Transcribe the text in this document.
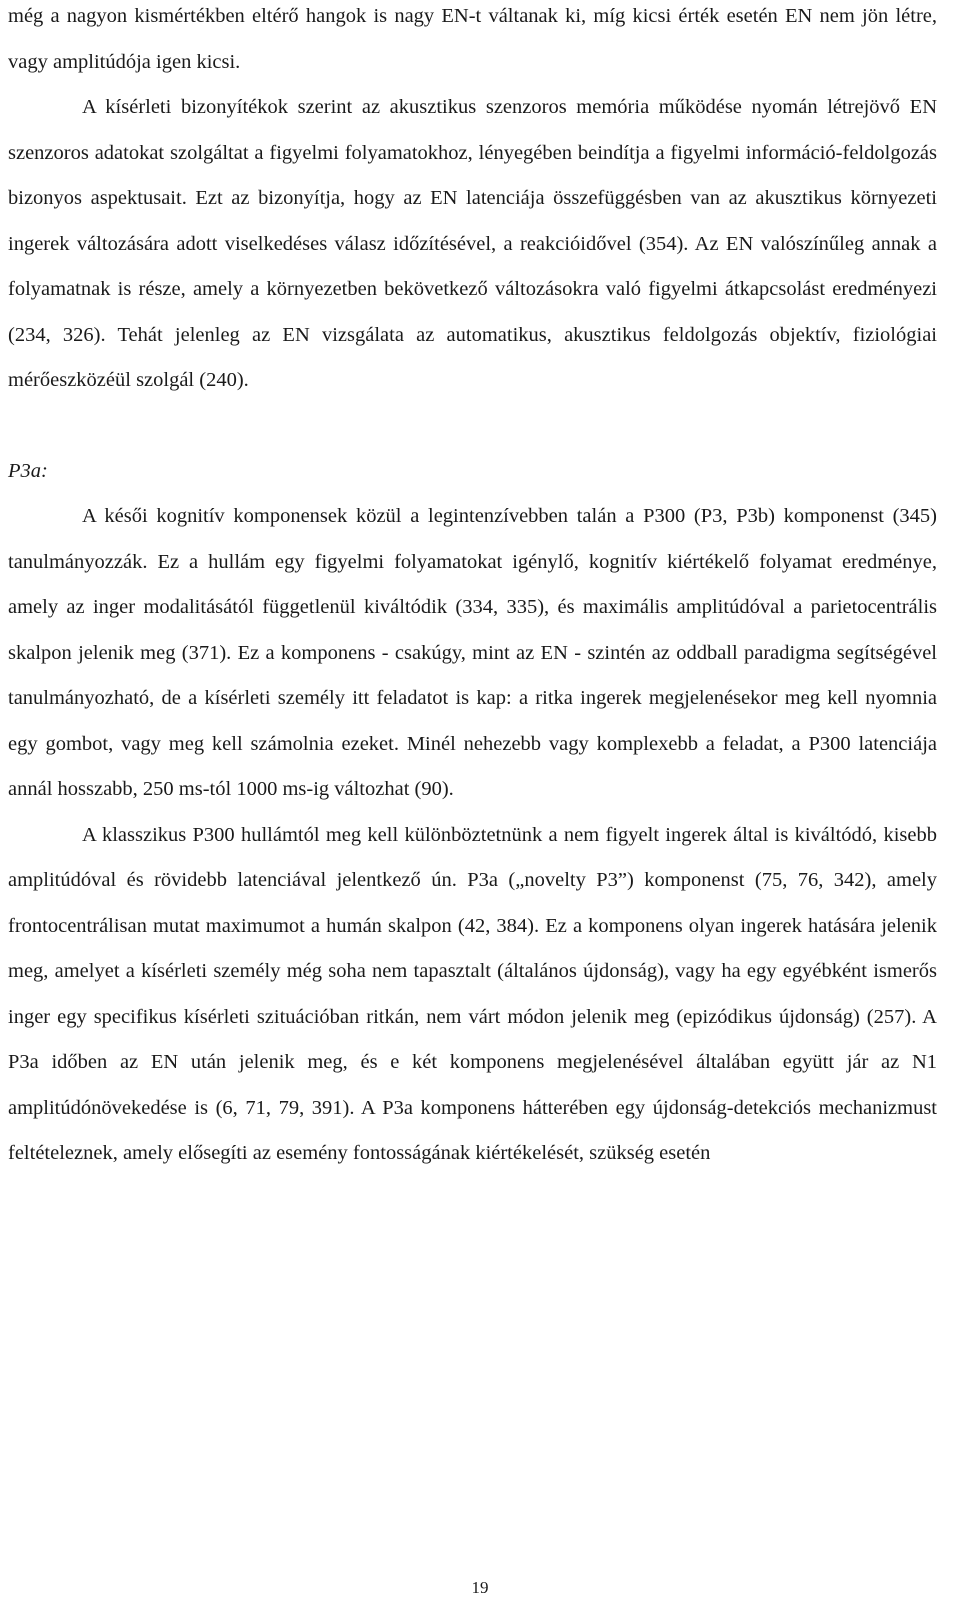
még a nagyon kismértékben eltérő hangok is nagy EN-t váltanak ki, míg kicsi érték esetén EN nem jön létre, vagy amplitúdója igen kicsi.

A kísérleti bizonyítékok szerint az akusztikus szenzoros memória működése nyomán létrejövő EN szenzoros adatokat szolgáltat a figyelmi folyamatokhoz, lényegében beindítja a figyelmi információ-feldolgozás bizonyos aspektusait. Ezt az bizonyítja, hogy az EN latenciája összefüggésben van az akusztikus környezeti ingerek változására adott viselkedéses válasz időzítésével, a reakcióidővel (354). Az EN valószínűleg annak a folyamatnak is része, amely a környezetben bekövetkező változásokra való figyelmi átkapcsolást eredményezi (234, 326). Tehát jelenleg az EN vizsgálata az automatikus, akusztikus feldolgozás objektív, fiziológiai mérőeszközéül szolgál (240).

P3a:

A késői kognitív komponensek közül a legintenzívebben talán a P300 (P3, P3b) komponenst (345) tanulmányozzák. Ez a hullám egy figyelmi folyamatokat igénylő, kognitív kiértékelő folyamat eredménye, amely az inger modalitásától függetlenül kiváltódik (334, 335), és maximális amplitúdóval a parietocentrális skalpon jelenik meg (371). Ez a komponens - csakúgy, mint az EN - szintén az oddball paradigma segítségével tanulmányozható, de a kísérleti személy itt feladatot is kap: a ritka ingerek megjelenésekor meg kell nyomnia egy gombot, vagy meg kell számolnia ezeket. Minél nehezebb vagy komplexebb a feladat, a P300 latenciája annál hosszabb, 250 ms-tól 1000 ms-ig változhat (90).

A klasszikus P300 hullámtól meg kell különböztetnünk a nem figyelt ingerek által is kiváltódó, kisebb amplitúdóval és rövidebb latenciával jelentkező ún. P3a („novelty P3”) komponenst (75, 76, 342), amely frontocentrálisan mutat maximumot a humán skalpon (42, 384). Ez a komponens olyan ingerek hatására jelenik meg, amelyet a kísérleti személy még soha nem tapasztalt (általános újdonság), vagy ha egy egyébként ismerős inger egy specifikus kísérleti szituációban ritkán, nem várt módon jelenik meg (epizódikus újdonság) (257). A P3a időben az EN után jelenik meg, és e két komponens megjelenésével általában együtt jár az N1 amplitúdónövekedése is (6, 71, 79, 391). A P3a komponens hátterében egy újdonság-detekciós mechanizmust feltételeznek, amely elősegíti az esemény fontosságának kiértékelését, szükség esetén

19
